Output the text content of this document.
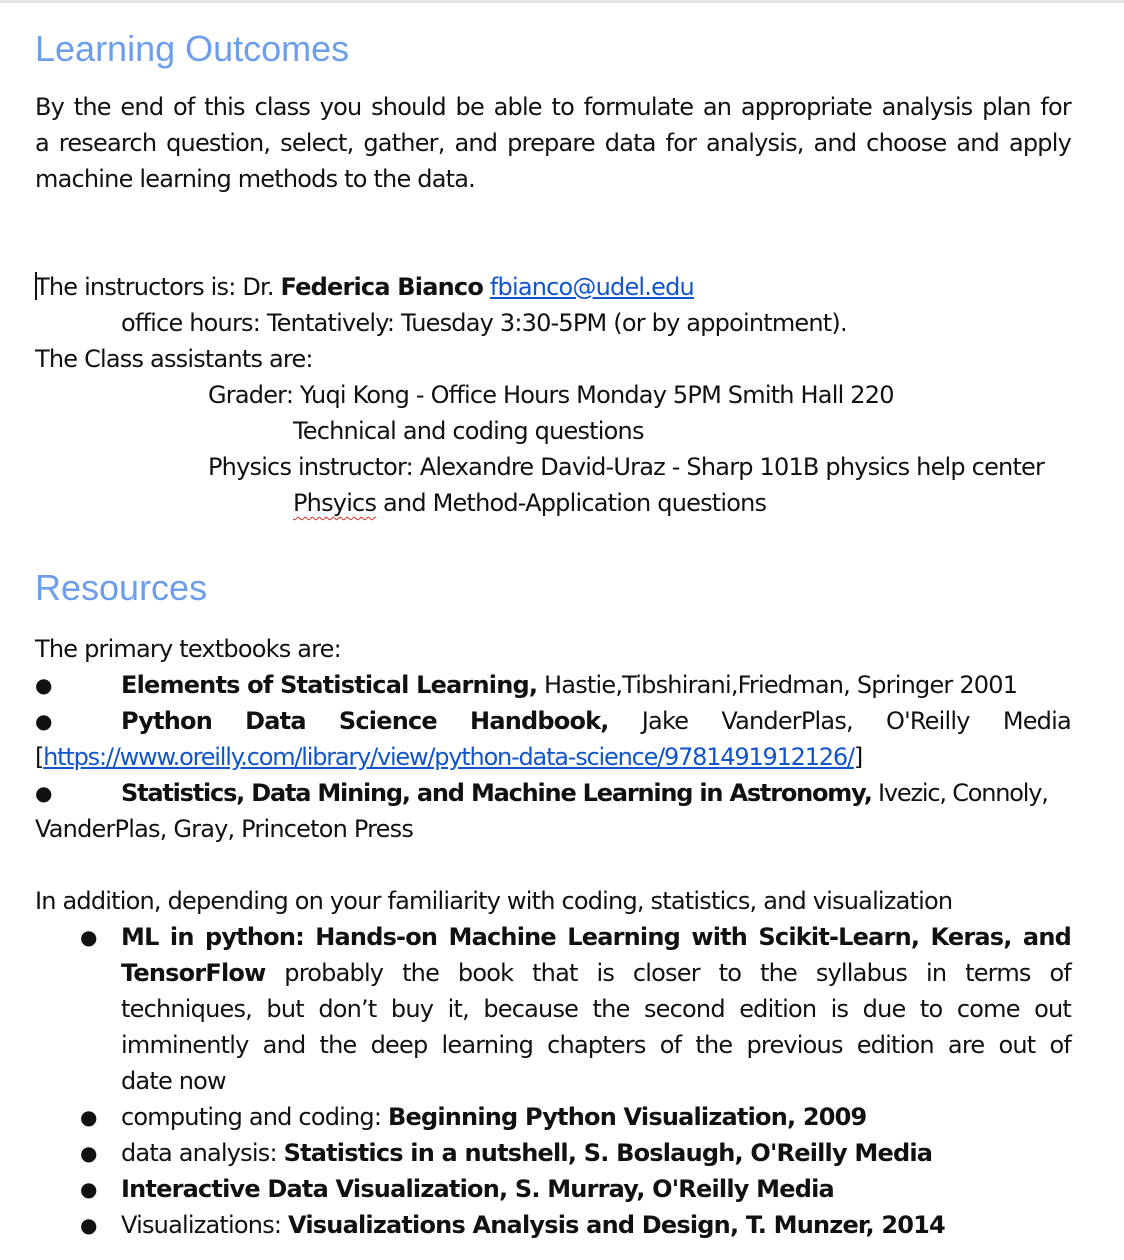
Learning Outcomes
By the end of this class you should be able to formulate an appropriate analysis plan for
a research question, select, gather, and prepare data for analysis, and choose and apply
machine learning methods to the data.
The instructors is: Dr. Federica Bianco fbianco@udel.edu
office hours: Tentatively: Tuesday 3:30-5PM (or by appointment).
The Class assistants are:
Grader: Yuqi Kong - Office Hours Monday 5PM Smith Hall 220
Technical and coding questions
Physics instructor: Alexandre David-Uraz - Sharp 101B physics help center
Phsyics and Method-Application questions
Resources
The primary textbooks are:
●	Elements of Statistical Learning, Hastie,Tibshirani,Friedman, Springer 2001
●	Python Data Science Handbook, Jake VanderPlas, O'Reilly Media
[https://www.oreilly.com/library/view/python-data-science/9781491912126/]
●	Statistics, Data Mining, and Machine Learning in Astronomy, Ivezic, Connoly,
VanderPlas, Gray, Princeton Press
In addition, depending on your familiarity with coding, statistics, and visualization
● ML in python: Hands-on Machine Learning with Scikit-Learn, Keras, and
TensorFlow probably the book that is closer to the syllabus in terms of
techniques, but don’t buy it, because the second edition is due to come out
imminently and the deep learning chapters of the previous edition are out of
date now
● computing and coding: Beginning Python Visualization, 2009
● data analysis: Statistics in a nutshell, S. Boslaugh, O'Reilly Media
● Interactive Data Visualization, S. Murray, O'Reilly Media
● Visualizations: Visualizations Analysis and Design, T. Munzer, 2014
